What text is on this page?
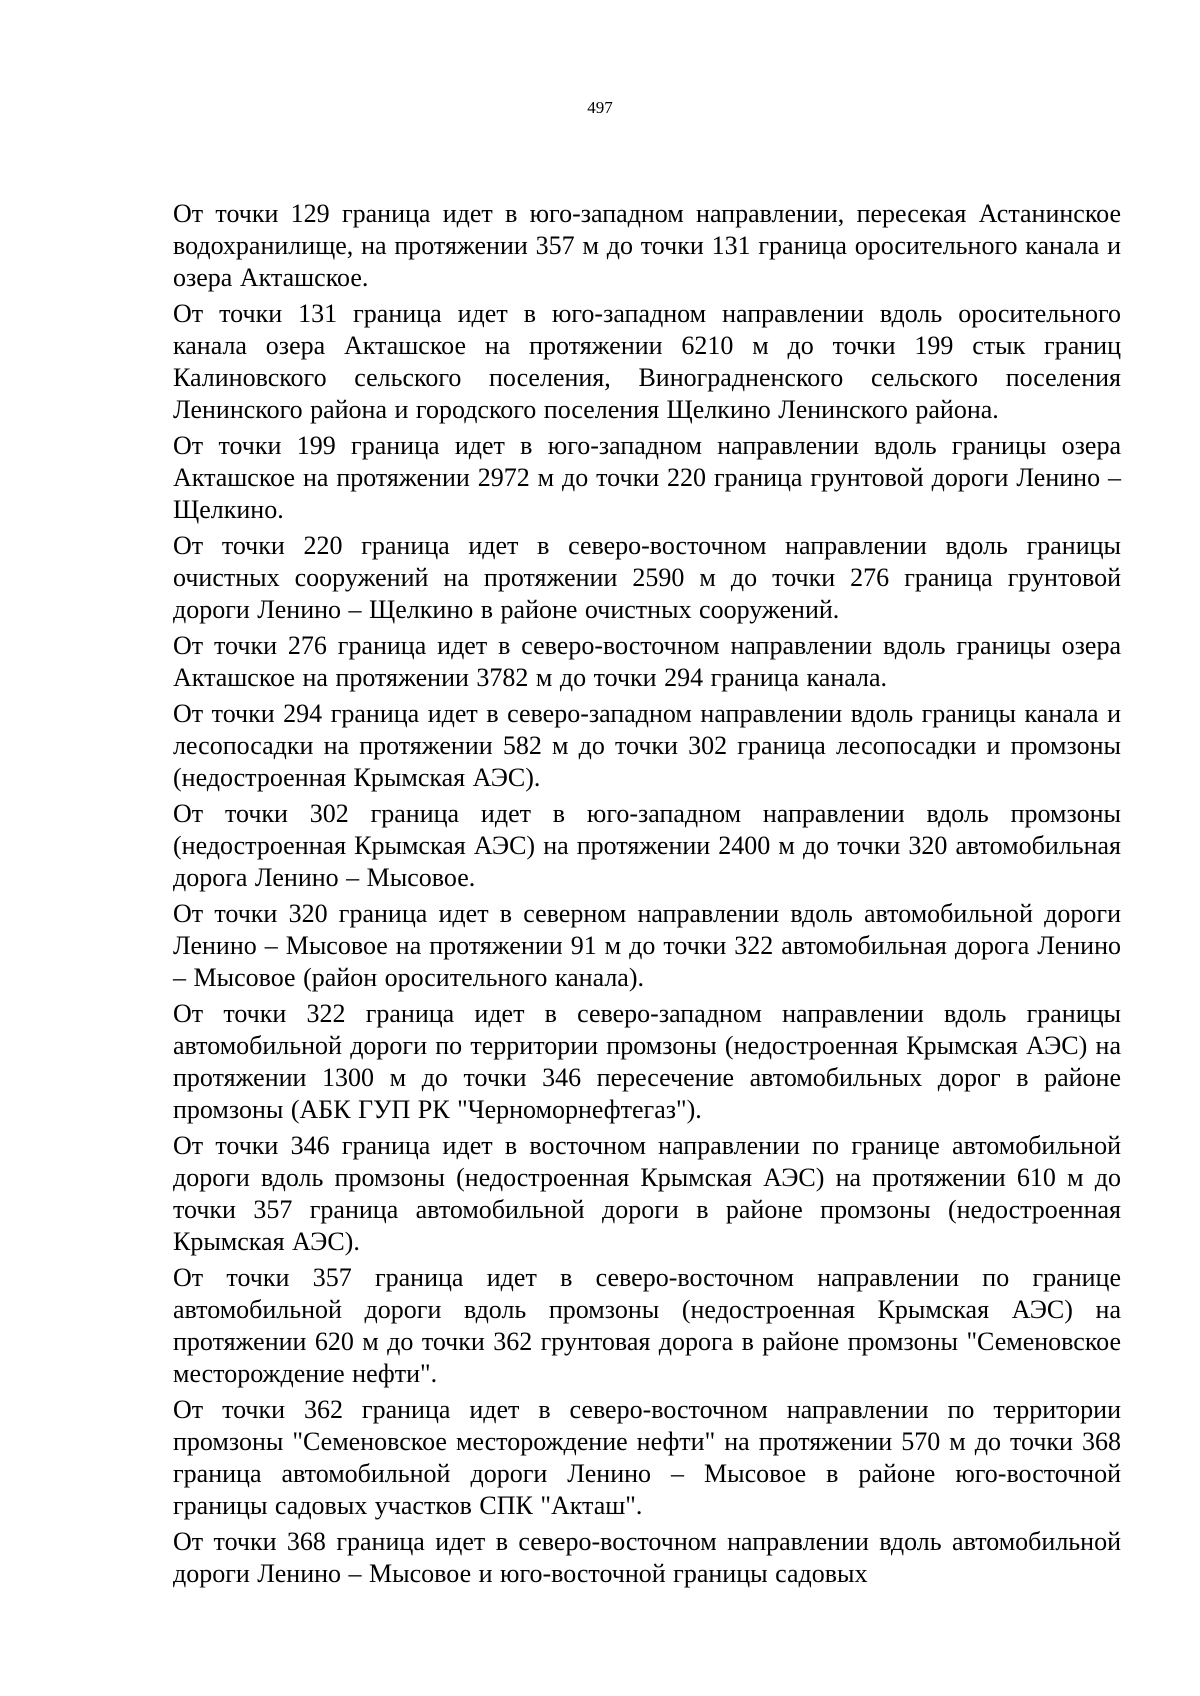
497

От точки 129 граница идет в юго-западном направлении, пересекая Астанинское водохранилище, на протяжении 357 м до точки 131 граница оросительного канала и озера Акташское.

От точки 131 граница идет в юго-западном направлении вдоль оросительного канала озера Акташское на протяжении 6210 м до точки 199 стык границ Калиновского сельского поселения, Виноградненского сельского поселения Ленинского района и городского поселения Щелкино Ленинского района.

От точки 199 граница идет в юго-западном направлении вдоль границы озера Акташское на протяжении 2972 м до точки 220 граница грунтовой дороги Ленино – Щелкино.

От точки 220 граница идет в северо-восточном направлении вдоль границы очистных сооружений на протяжении 2590 м до точки 276 граница грунтовой дороги Ленино – Щелкино в районе очистных сооружений.

От точки 276 граница идет в северо-восточном направлении вдоль границы озера Акташское на протяжении 3782 м до точки 294 граница канала.

От точки 294 граница идет в северо-западном направлении вдоль границы канала и лесопосадки на протяжении 582 м до точки 302 граница лесопосадки и промзоны (недостроенная Крымская АЭС).

От точки 302 граница идет в юго-западном направлении вдоль промзоны (недостроенная Крымская АЭС) на протяжении 2400 м до точки 320 автомобильная дорога Ленино – Мысовое.

От точки 320 граница идет в северном направлении вдоль автомобильной дороги Ленино – Мысовое на протяжении 91 м до точки 322 автомобильная дорога Ленино – Мысовое (район оросительного канала).

От точки 322 граница идет в северо-западном направлении вдоль границы автомобильной дороги по территории промзоны (недостроенная Крымская АЭС) на протяжении 1300 м до точки 346 пересечение автомобильных дорог в районе промзоны (АБК ГУП РК "Черноморнефтегаз").

От точки 346 граница идет в восточном направлении по границе автомобильной дороги вдоль промзоны (недостроенная Крымская АЭС) на протяжении 610 м до точки 357 граница автомобильной дороги в районе промзоны (недостроенная Крымская АЭС).

От точки 357 граница идет в северо-восточном направлении по границе автомобильной дороги вдоль промзоны (недостроенная Крымская АЭС) на протяжении 620 м до точки 362 грунтовая дорога в районе промзоны "Семеновское месторождение нефти".

От точки 362 граница идет в северо-восточном направлении по территории промзоны "Семеновское месторождение нефти" на протяжении 570 м до точки 368 граница автомобильной дороги Ленино – Мысовое в районе юго-восточной границы садовых участков СПК "Акташ".

От точки 368 граница идет в северо-восточном направлении вдоль автомобильной дороги Ленино – Мысовое и юго-восточной границы садовых
